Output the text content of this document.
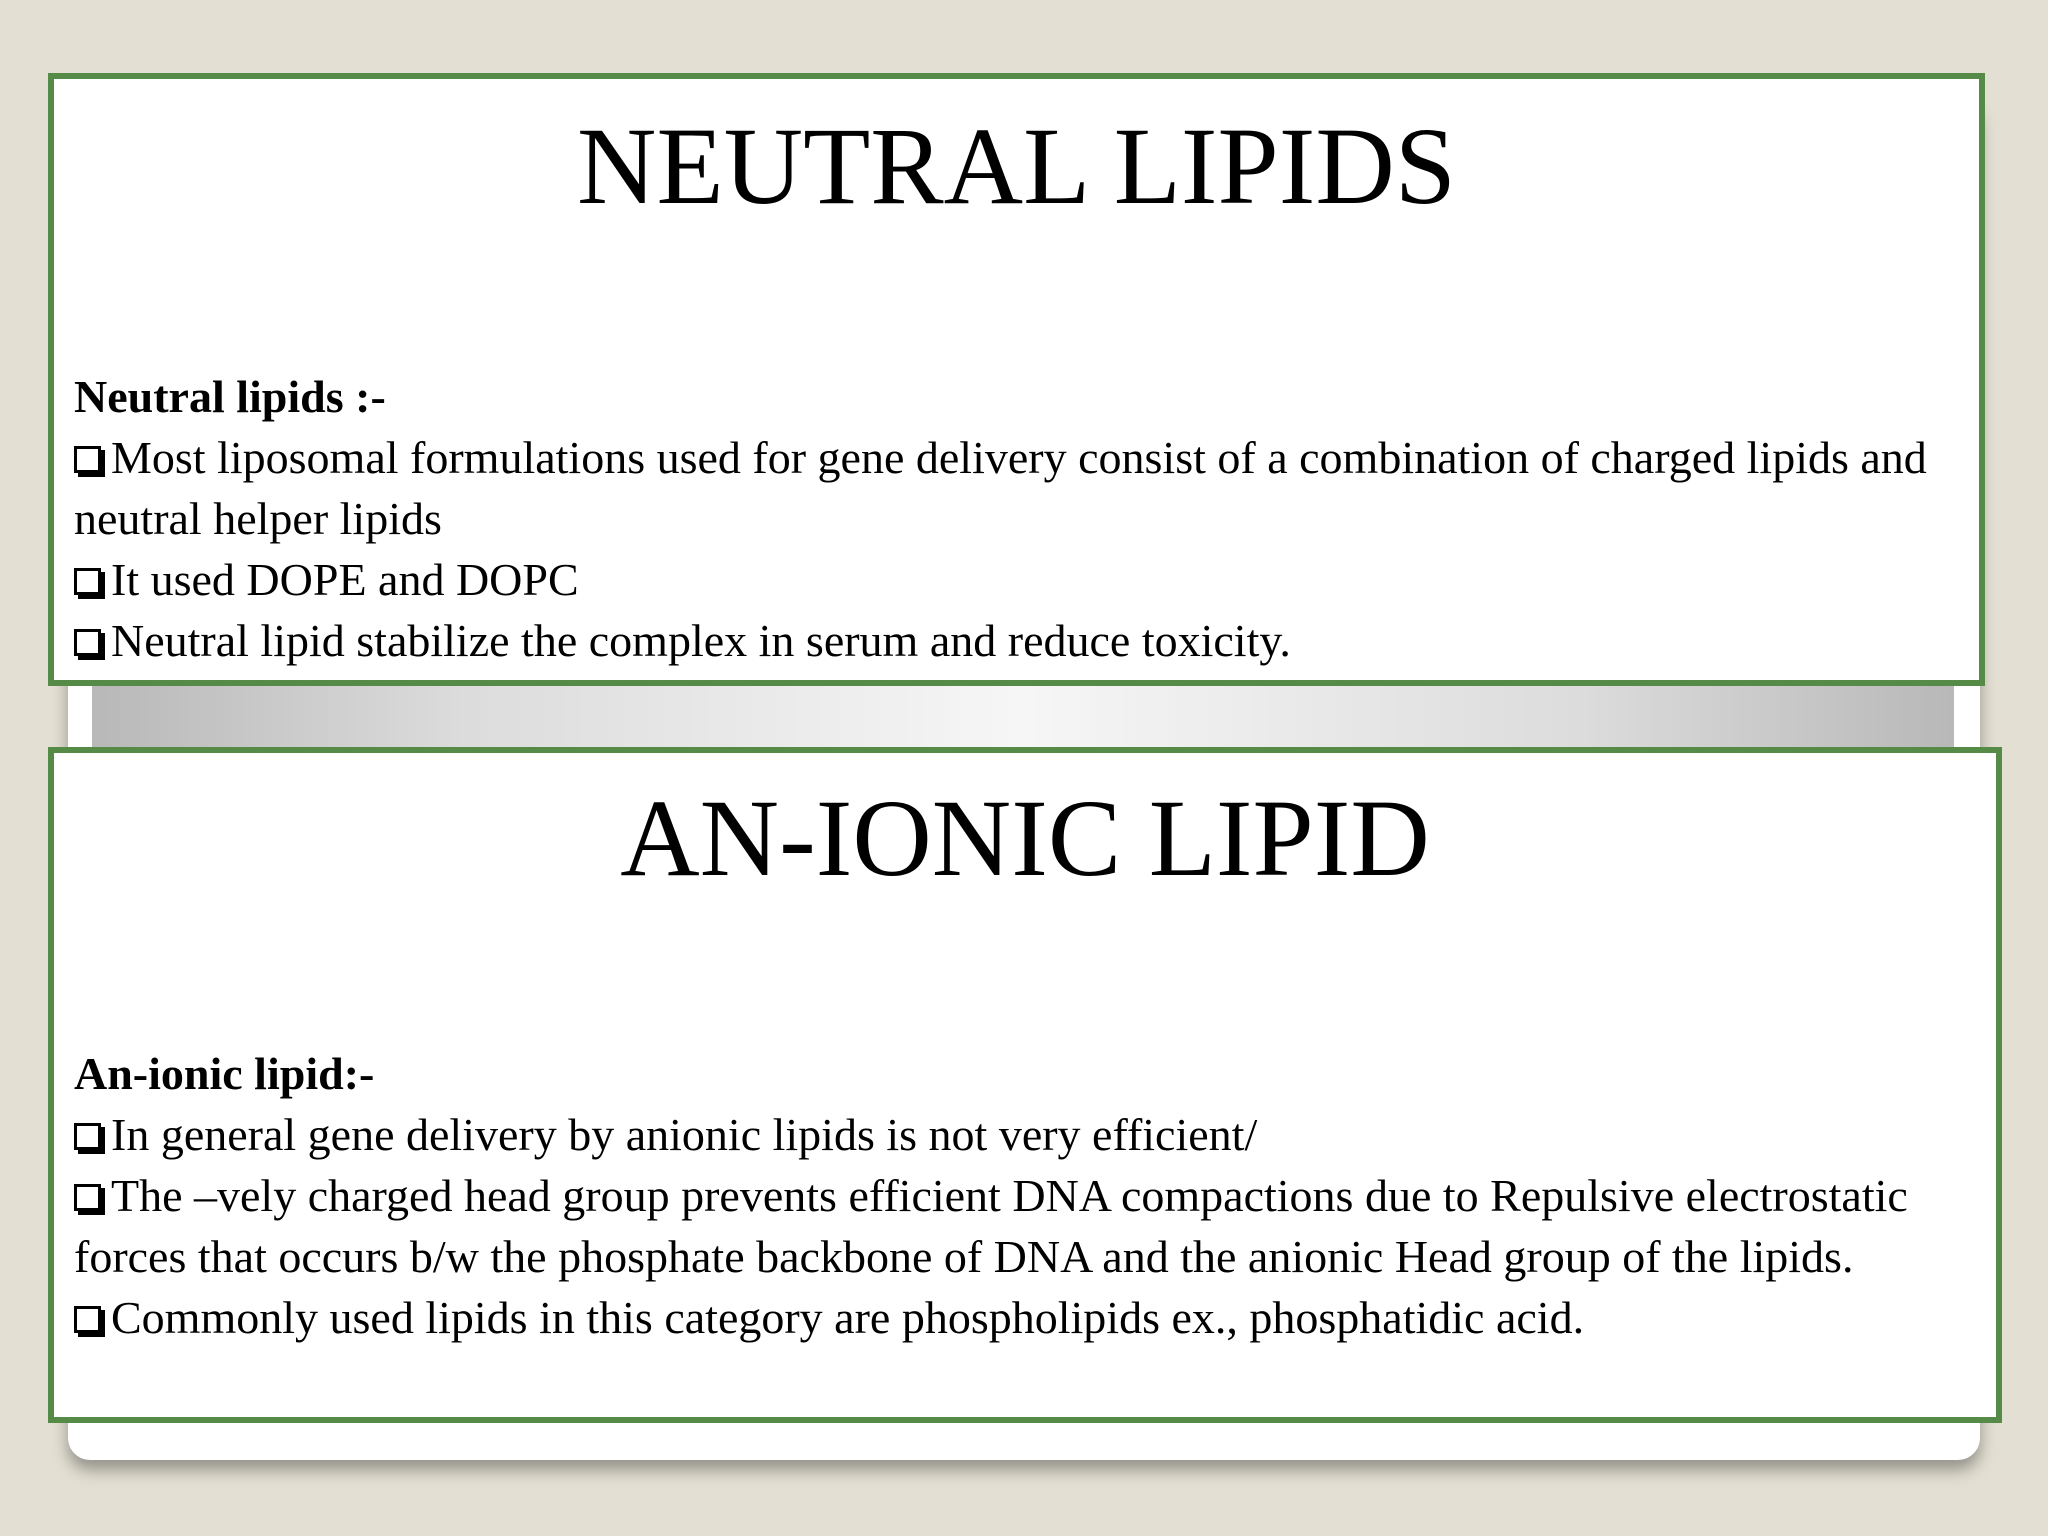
NEUTRAL LIPIDS
Neutral lipids :-
Most liposomal formulations used for gene delivery consist of a combination of charged lipids and neutral helper lipids
It used DOPE and DOPC
Neutral lipid stabilize the complex in serum and reduce toxicity.
AN-IONIC LIPID
An-ionic lipid:-
In general gene delivery by anionic lipids is not very efficient/
The –vely charged head group prevents efficient DNA compactions due to Repulsive electrostatic forces that occurs b/w the phosphate backbone of DNA and the anionic Head group of the lipids.
Commonly used lipids in this category are phospholipids ex., phosphatidic acid.
